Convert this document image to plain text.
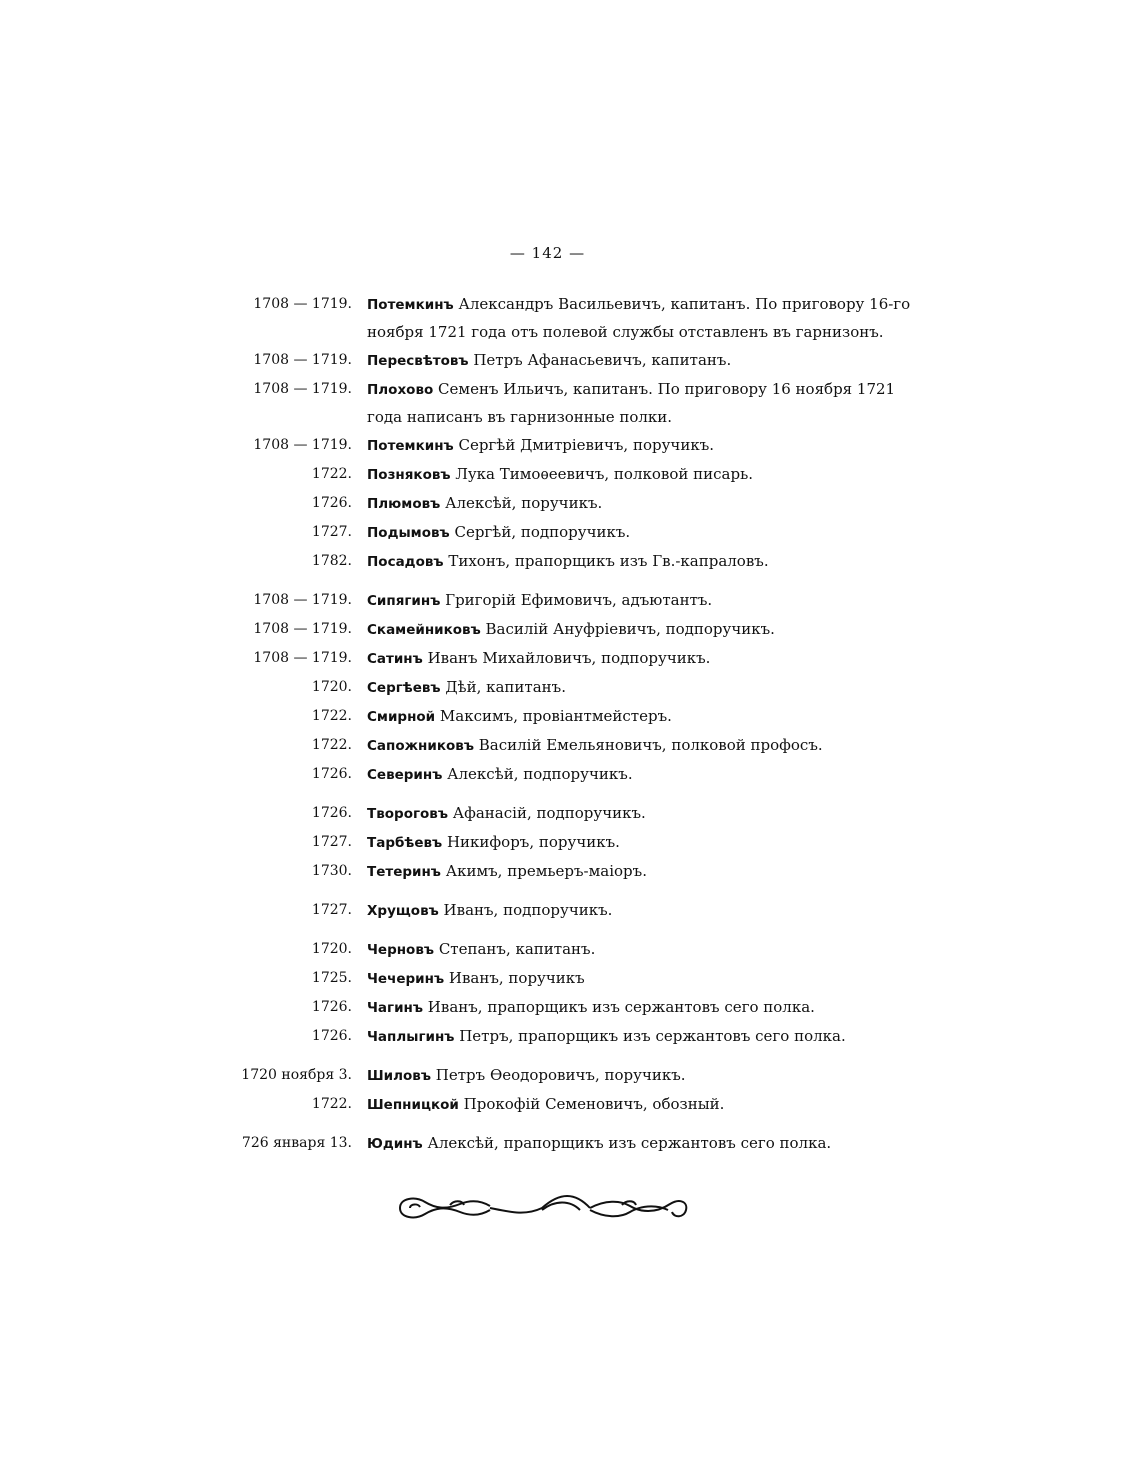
— 142 —
1708 — 1719. Потемкинъ Александръ Васильевичъ, капитанъ. По приговору 16-го ноября 1721 года отъ полевой службы отставленъ въ гарнизонъ.
1708 — 1719. Пересвѣтовъ Петръ Афанасьевичъ, капитанъ.
1708 — 1719. Плохово Семенъ Ильичъ, капитанъ. По приговору 16 ноября 1721 года написанъ въ гарнизонные полки.
1708 — 1719. Потемкинъ Сергѣй Дмитріевичъ, поручикъ.
1722. Позняковъ Лука Тимоѳеевичъ, полковой писарь.
1726. Плюмовъ Алексѣй, поручикъ.
1727. Подымовъ Сергѣй, подпоручикъ.
1782. Посадовъ Тихонъ, прапорщикъ изъ Гв.-капраловъ.
1708 — 1719. Сипягинъ Григорій Ефимовичъ, адъютантъ.
1708 — 1719. Скамейниковъ Василій Ануфріевичъ, подпоручикъ.
1708 — 1719. Сатинъ Иванъ Михайловичъ, подпоручикъ.
1720. Сергѣевъ Дѣй, капитанъ.
1722. Смирной Максимъ, провіантмейстеръ.
1722. Сапожниковъ Василій Емельяновичъ, полковой профосъ.
1726. Северинъ Алексѣй, подпоручикъ.
1726. Твороговъ Афанасій, подпоручикъ.
1727. Тарбѣевъ Никифоръ, поручикъ.
1730. Тетеринъ Акимъ, премьеръ-маіоръ.
1727. Хрущовъ Иванъ, подпоручикъ.
1720. Черновъ Степанъ, капитанъ.
1725. Чечеринъ Иванъ, поручикъ
1726. Чагинъ Иванъ, прапорщикъ изъ сержантовъ сего полка.
1726. Чаплыгинъ Петръ, прапорщикъ изъ сержантовъ сего полка.
1720 ноября 3. Шиловъ Петръ Ѳеодоровичъ, поручикъ.
1722. Шепницкой Прокофій Семеновичъ, обозный.
726 января 13. Юдинъ Алексѣй, прапорщикъ изъ сержантовъ сего полка.
